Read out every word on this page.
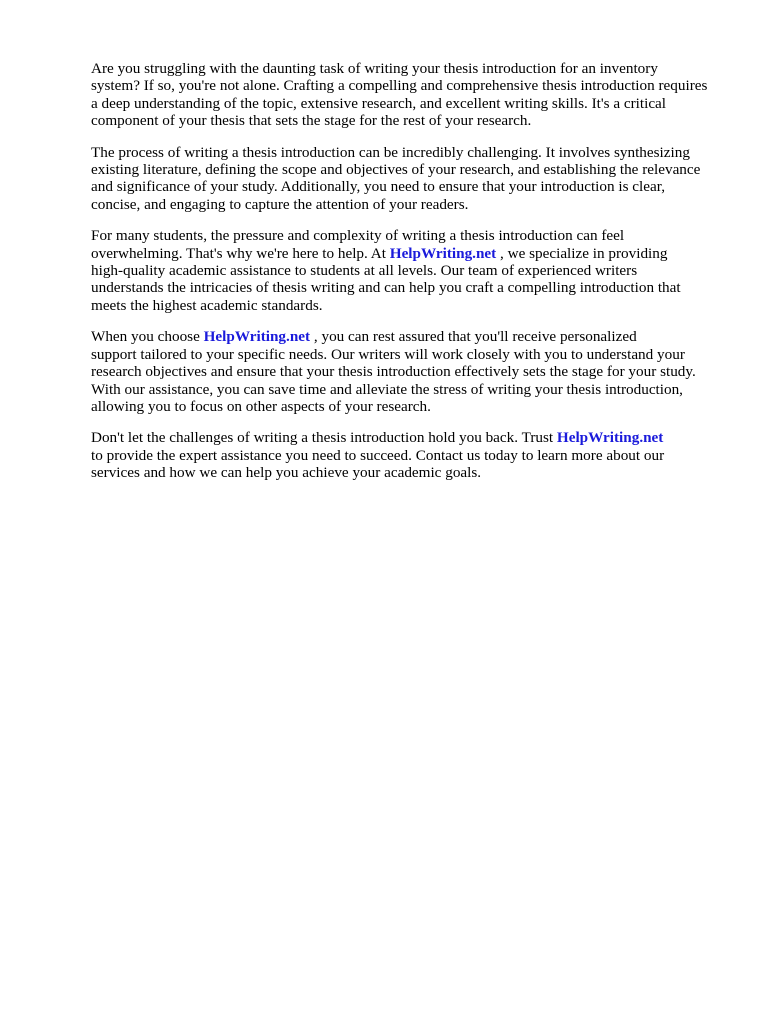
Are you struggling with the daunting task of writing your thesis introduction for an inventory
system? If so, you're not alone. Crafting a compelling and comprehensive thesis introduction requires
a deep understanding of the topic, extensive research, and excellent writing skills. It's a critical
component of your thesis that sets the stage for the rest of your research.

The process of writing a thesis introduction can be incredibly challenging. It involves synthesizing
existing literature, defining the scope and objectives of your research, and establishing the relevance
and significance of your study. Additionally, you need to ensure that your introduction is clear,
concise, and engaging to capture the attention of your readers.

For many students, the pressure and complexity of writing a thesis introduction can feel
overwhelming. That's why we're here to help. At HelpWriting.net , we specialize in providing
high-quality academic assistance to students at all levels. Our team of experienced writers
understands the intricacies of thesis writing and can help you craft a compelling introduction that
meets the highest academic standards.

When you choose HelpWriting.net , you can rest assured that you'll receive personalized
support tailored to your specific needs. Our writers will work closely with you to understand your
research objectives and ensure that your thesis introduction effectively sets the stage for your study.
With our assistance, you can save time and alleviate the stress of writing your thesis introduction,
allowing you to focus on other aspects of your research.

Don't let the challenges of writing a thesis introduction hold you back. Trust HelpWriting.net
to provide the expert assistance you need to succeed. Contact us today to learn more about our
services and how we can help you achieve your academic goals.
